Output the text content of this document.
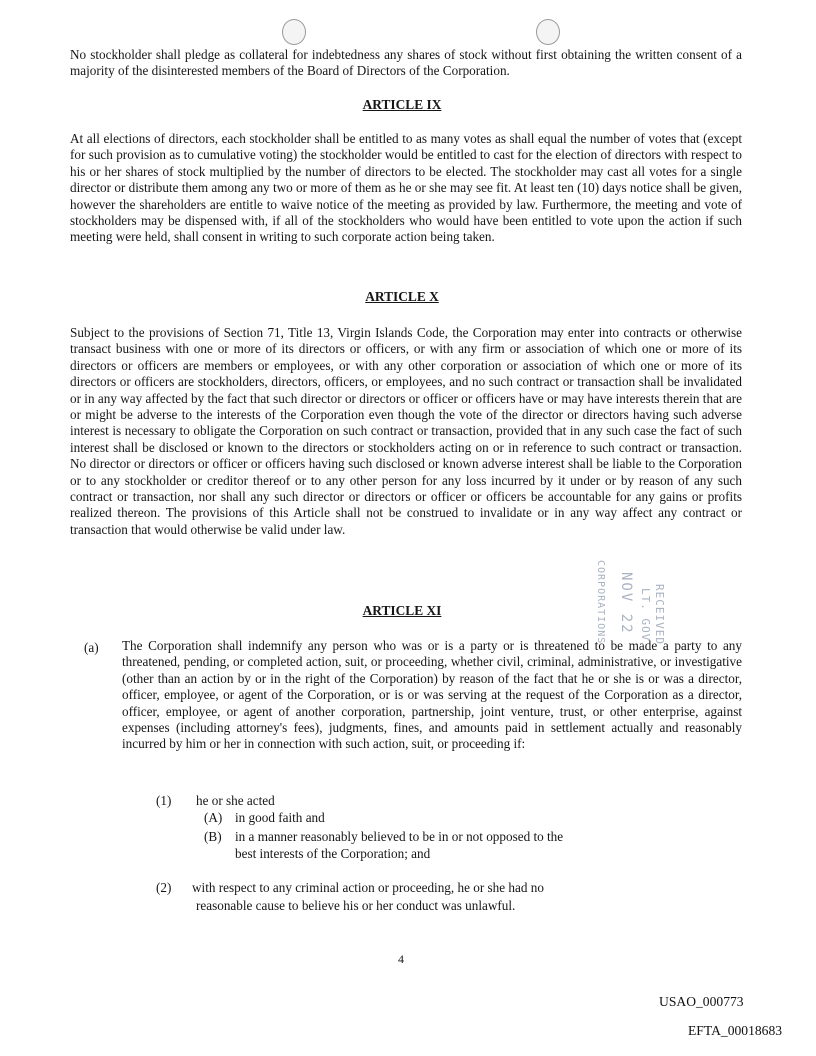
No stockholder shall pledge as collateral for indebtedness any shares of stock without first obtaining the written consent of a majority of the disinterested members of the Board of Directors of the Corporation.

ARTICLE IX

At all elections of directors, each stockholder shall be entitled to as many votes as shall equal the number of votes that (except for such provision as to cumulative voting) the stockholder would be entitled to cast for the election of directors with respect to his or her shares of stock multiplied by the number of directors to be elected. The stockholder may cast all votes for a single director or distribute them among any two or more of them as he or she may see fit. At least ten (10) days notice shall be given, however the shareholders are entitle to waive notice of the meeting as provided by law. Furthermore, the meeting and vote of stockholders may be dispensed with, if all of the stockholders who would have been entitled to vote upon the action if such meeting were held, shall consent in writing to such corporate action being taken.

ARTICLE X

Subject to the provisions of Section 71, Title 13, Virgin Islands Code, the Corporation may enter into contracts or otherwise transact business with one or more of its directors or officers, or with any firm or association of which one or more of its directors or officers are members or employees, or with any other corporation or association of which one or more of its directors or officers are stockholders, directors, officers, or employees, and no such contract or transaction shall be invalidated or in any way affected by the fact that such director or directors or officer or officers have or may have interests therein that are or might be adverse to the interests of the Corporation even though the vote of the director or directors having such adverse interest is necessary to obligate the Corporation on such contract or transaction, provided that in any such case the fact of such interest shall be disclosed or known to the directors or stockholders acting on or in reference to such contract or transaction. No director or directors or officer or officers having such disclosed or known adverse interest shall be liable to the Corporation or to any stockholder or creditor thereof or to any other person for any loss incurred by it under or by reason of any such contract or transaction, nor shall any such director or directors or officer or officers be accountable for any gains or profits realized thereon. The provisions of this Article shall not be construed to invalidate or in any way affect any contract or transaction that would otherwise be valid under law.

ARTICLE XI

(a) The Corporation shall indemnify any person who was or is a party or is threatened to be made a party to any threatened, pending, or completed action, suit, or proceeding, whether civil, criminal, administrative, or investigative (other than an action by or in the right of the Corporation) by reason of the fact that he or she is or was a director, officer, employee, or agent of the Corporation, or is or was serving at the request of the Corporation as a director, officer, employee, or agent of another corporation, partnership, joint venture, trust, or other enterprise, against expenses (including attorney's fees), judgments, fines, and amounts paid in settlement actually and reasonably incurred by him or her in connection with such action, suit, or proceeding if:

(1) he or she acted
(A) in good faith and
(B) in a manner reasonably believed to be in or not opposed to the
best interests of the Corporation; and
(2) with respect to any criminal action or proceeding, he or she had no
reasonable cause to believe his or her conduct was unlawful.
4
USAO_000773
EFTA_00018683
RECEIVED
LT. GOV.
NOV 22
CORPORATIONS
